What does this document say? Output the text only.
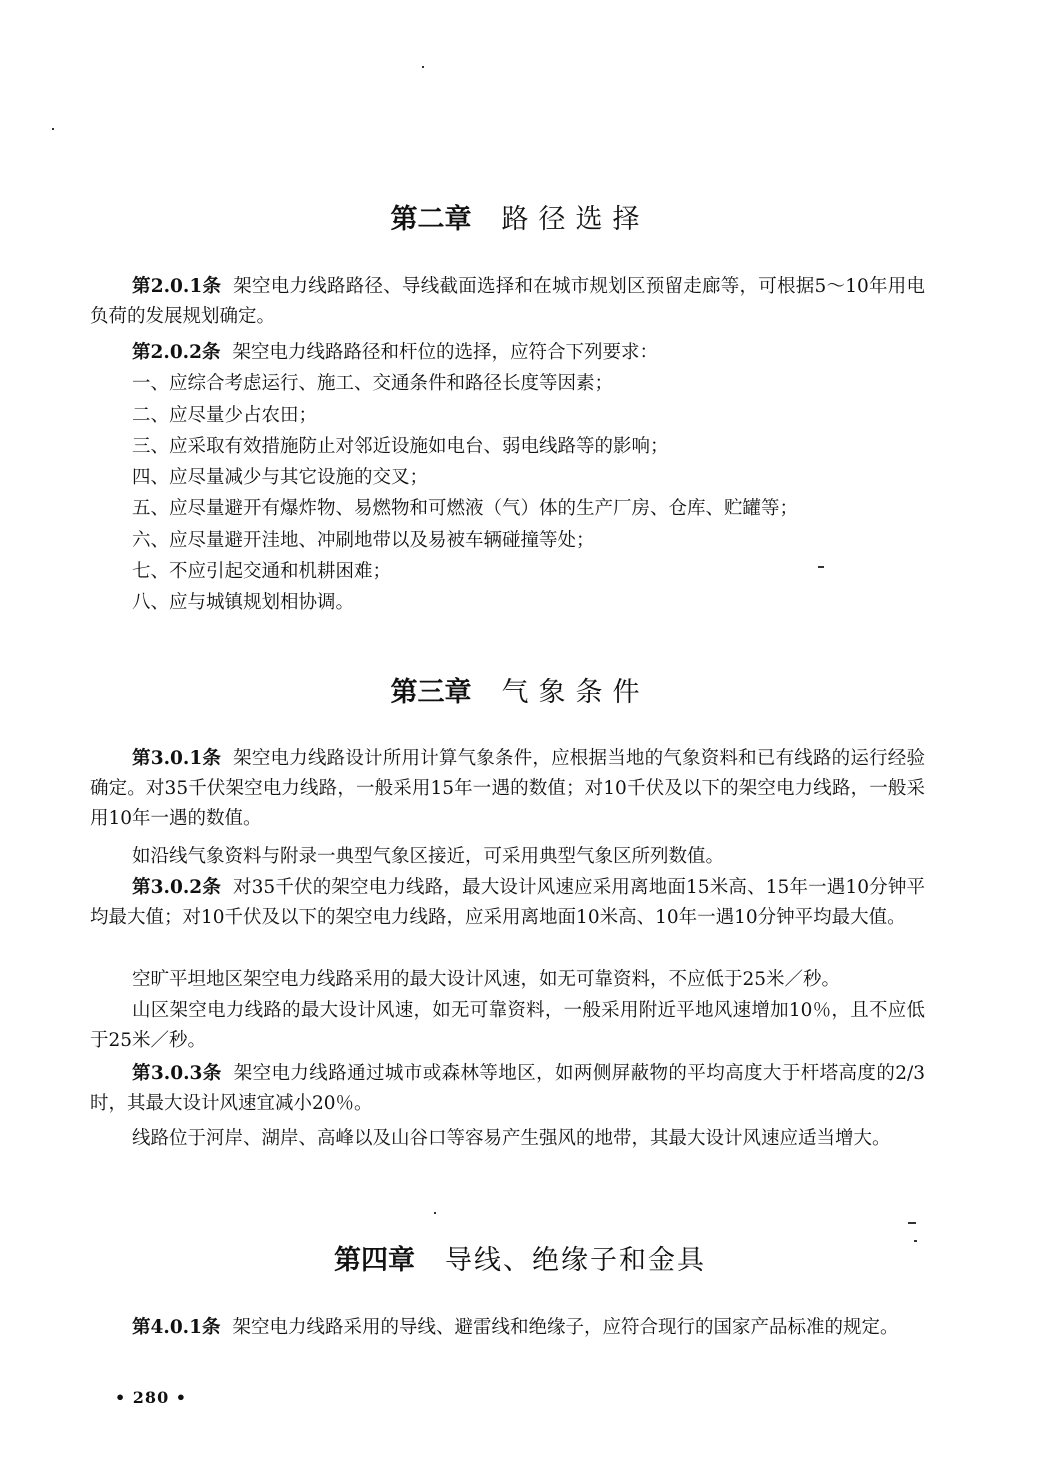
第二章 路径选择

第2.0.1条 架空电力线路路径、导线截面选择和在城市规划区预留走廊等，可根据5～10年用电负荷的发展规划确定。

第2.0.2条 架空电力线路路径和杆位的选择，应符合下列要求：

一、应综合考虑运行、施工、交通条件和路径长度等因素；
二、应尽量少占农田；
三、应采取有效措施防止对邻近设施如电台、弱电线路等的影响；
四、应尽量减少与其它设施的交叉；
五、应尽量避开有爆炸物、易燃物和可燃液（气）体的生产厂房、仓库、贮罐等；
六、应尽量避开洼地、冲刷地带以及易被车辆碰撞等处；
七、不应引起交通和机耕困难；
八、应与城镇规划相协调。
第三章 气象条件

第3.0.1条 架空电力线路设计所用计算气象条件，应根据当地的气象资料和已有线路的运行经验确定。对35千伏架空电力线路，一般采用15年一遇的数值；对10千伏及以下的架空电力线路，一般采用10年一遇的数值。

如沿线气象资料与附录一典型气象区接近，可采用典型气象区所列数值。

第3.0.2条 对35千伏的架空电力线路，最大设计风速应采用离地面15米高、15年一遇10分钟平均最大值；对10千伏及以下的架空电力线路，应采用离地面10米高、10年一遇10分钟平均最大值。

空旷平坦地区架空电力线路采用的最大设计风速，如无可靠资料，不应低于25米／秒。

山区架空电力线路的最大设计风速，如无可靠资料，一般采用附近平地风速增加10％，且不应低于25米／秒。

第3.0.3条 架空电力线路通过城市或森林等地区，如两侧屏蔽物的平均高度大于杆塔高度的2/3时，其最大设计风速宜减小20％。

线路位于河岸、湖岸、高峰以及山谷口等容易产生强风的地带，其最大设计风速应适当增大。

第四章 导线、绝缘子和金具

第4.0.1条 架空电力线路采用的导线、避雷线和绝缘子，应符合现行的国家产品标准的规定。

• 280 •
